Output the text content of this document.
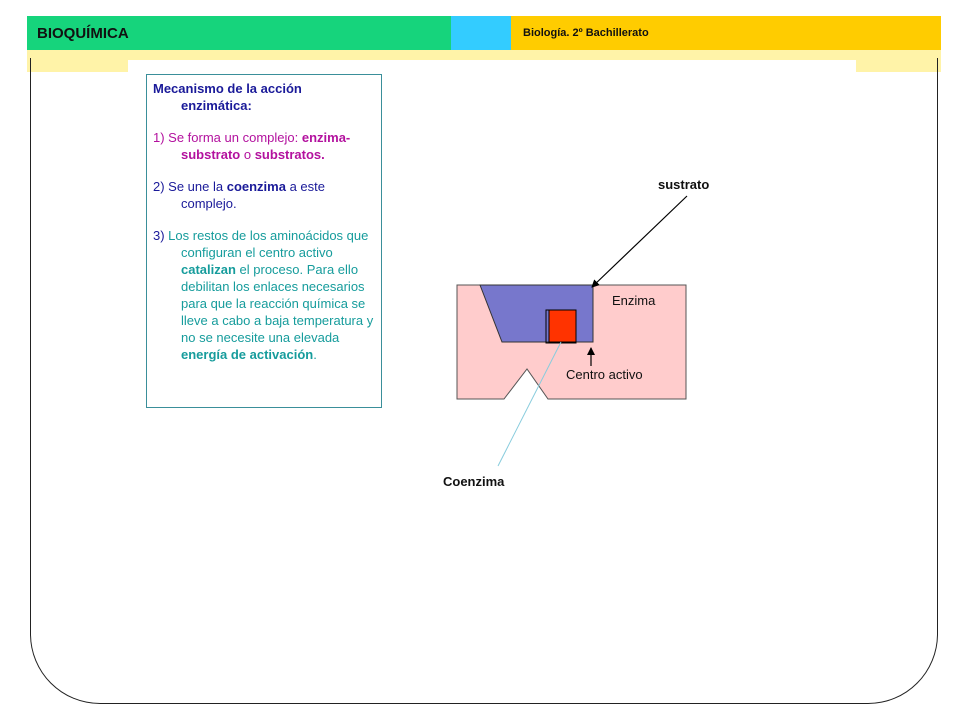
BIOQUÍMICA	Biología. 2º Bachillerato

Mecanismo de la acción enzimática:

1) Se forma un complejo: enzima-substrato o substratos.

2) Se une la coenzima a este complejo.

3) Los restos de los aminoácidos que configuran el centro activo catalizan el proceso. Para ello debilitan los enlaces necesarios para que la reacción química se lleve a cabo a baja temperatura y no se necesite una elevada energía de activación.

sustrato
Enzima
Centro activo
Coenzima
